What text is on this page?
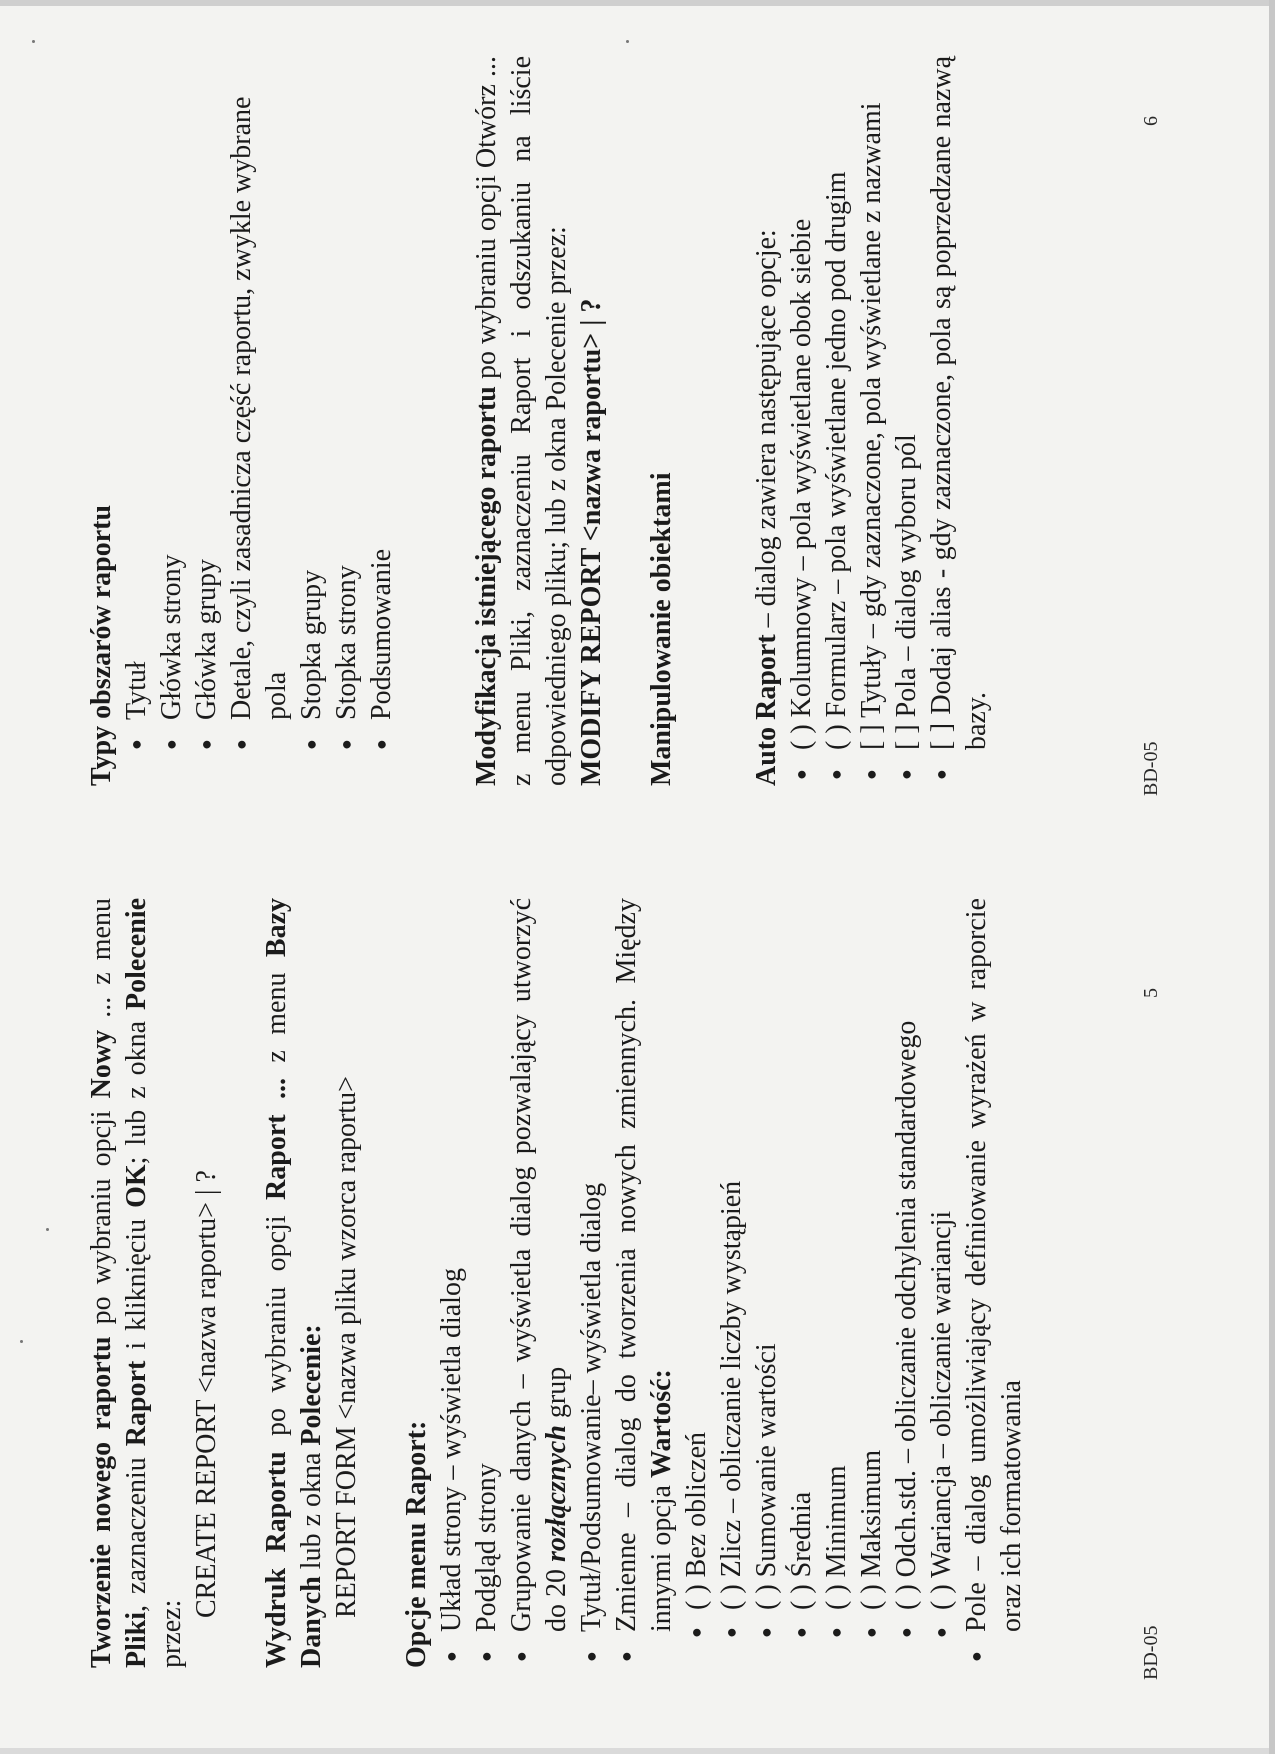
Tworzenie nowego raportu po wybraniu opcji Nowy ... z menu Pliki, zaznaczeniu Raport i kliknięciu OK; lub z okna Polecenie przez:

CREATE REPORT <nazwa raportu> | ? Wydruk Raportu po wybraniu opcji Raport ... z menu Bazy Danych lub z okna Polecenie: REPORT FORM <nazwa pliku wzorca raportu> Opcje menu Raport: ● Układ strony – wyświetla dialog ● Podgląd strony ● Grupowanie danych – wyświetla dialog pozwalający utworzyć do 20 rozłącznych grup ● Tytuł/Podsumowanie– wyświetla dialog ● Zmienne – dialog do tworzenia nowych zmiennych. Między innymi opcja Wartość:
● ( ) Bez obliczeń ● ( ) Zlicz – obliczanie liczby wystąpień ● ( ) Sumowanie wartości ● ( ) Średnia ● ( ) Minimum ● ( ) Maksimum ● ( ) Odch.std. – obliczanie odchylenia standardowego ● ( ) Wariancja – obliczanie wariancji ● Pole – dialog umożliwiający definiowanie wyrażeń w raporcie oraz ich formatowania

Typy obszarów raportu ● Tytuł ● Główka strony ● Główka grupy ● Detale, czyli zasadnicza część raportu, zwykle wybrane pola ● Stopka grupy ● Stopka strony ● Podsumowanie	Modyfikacja istniejącego raportu po wybraniu opcji Otwórz ... z menu Pliki, zaznaczeniu Raport i odszukaniu na liście odpowiedniego pliku; lub z okna Polecenie przez: MODIFY REPORT <nazwa raportu> | ? Manipulowanie obiektami	Auto Raport – dialog zawiera następujące opcje: ● ( ) Kolumnowy – pola wyświetlane obok siebie ● ( ) Formularz – pola wyświetlane jedno pod drugim ● [ ] Tytuły – gdy zaznaczone, pola wyświetlane z nazwami ● [ ] Pola – dialog wyboru pól ● [ ] Dodaj alias - gdy zaznaczone, pola są poprzedzane nazwą bazy.
BD-05
5
BD-05
6
